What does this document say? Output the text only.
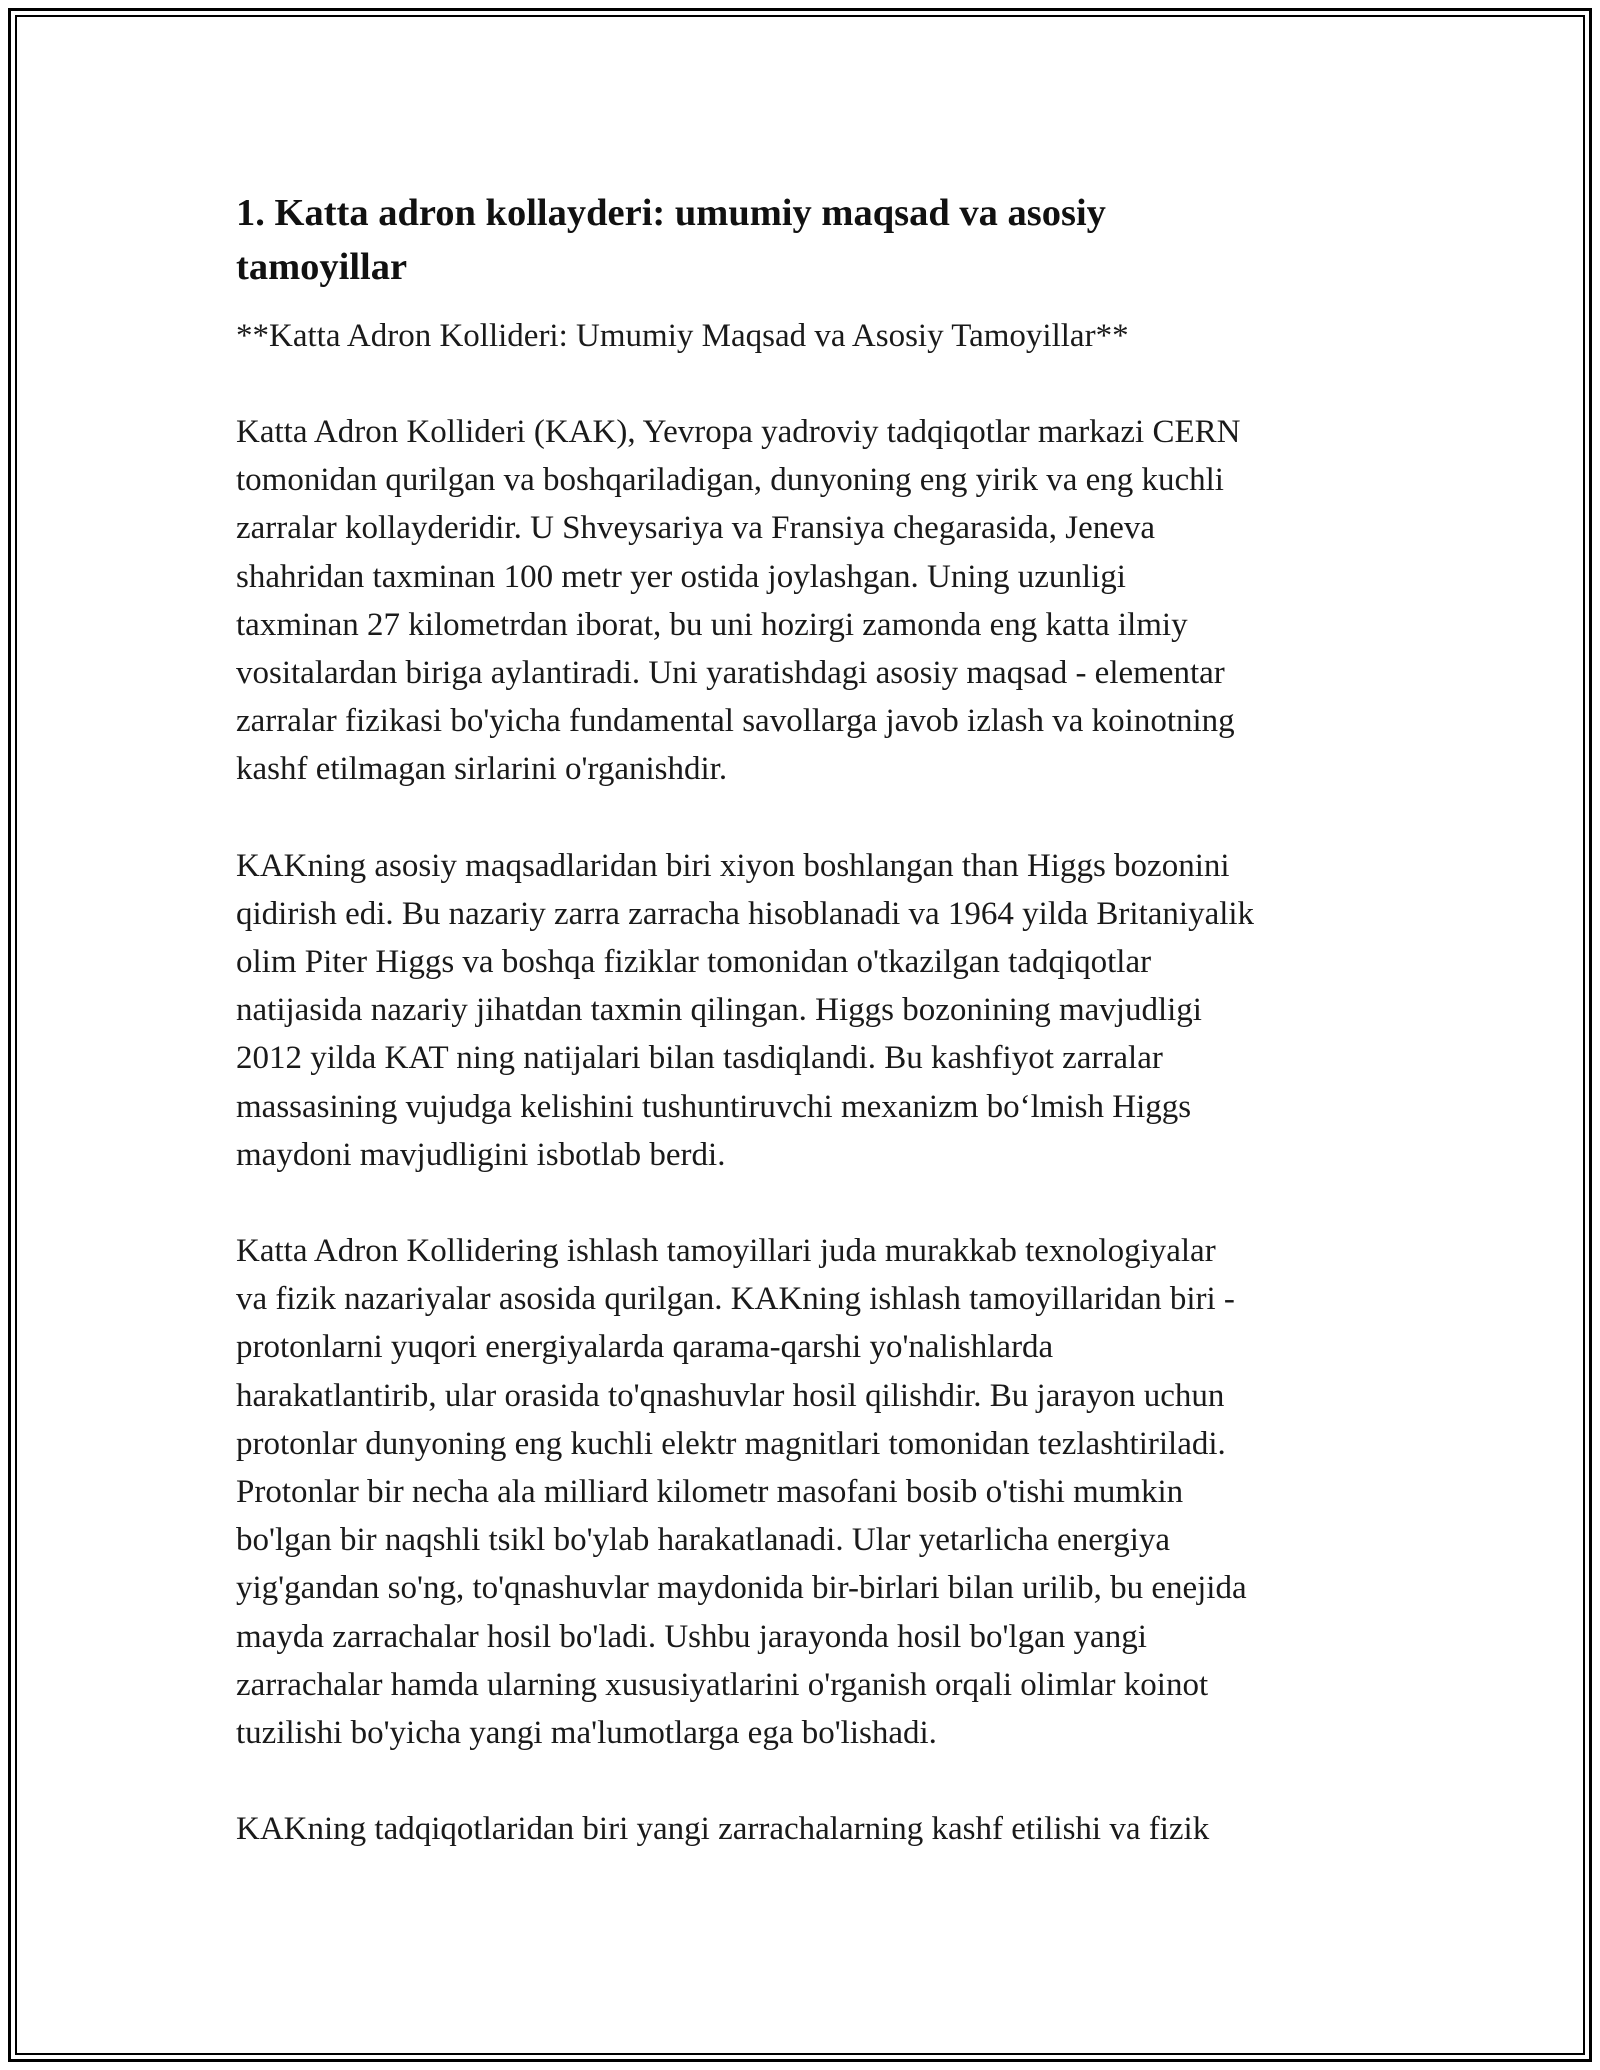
1. Katta adron kollayderi: umumiy maqsad va asosiy
tamoyillar
**Katta Adron Kollideri: Umumiy Maqsad va Asosiy Tamoyillar**
Katta Adron Kollideri (KAK), Yevropa yadroviy tadqiqotlar markazi CERN
tomonidan qurilgan va boshqariladigan, dunyoning eng yirik va eng kuchli
zarralar kollayderidir. U Shveysariya va Fransiya chegarasida, Jeneva
shahridan taxminan 100 metr yer ostida joylashgan. Uning uzunligi
taxminan 27 kilometrdan iborat, bu uni hozirgi zamonda eng katta ilmiy
vositalardan biriga aylantiradi. Uni yaratishdagi asosiy maqsad - elementar
zarralar fizikasi bo'yicha fundamental savollarga javob izlash va koinotning
kashf etilmagan sirlarini o'rganishdir.
KAKning asosiy maqsadlaridan biri xiyon boshlangan than Higgs bozonini
qidirish edi. Bu nazariy zarra zarracha hisoblanadi va 1964 yilda Britaniyalik
olim Piter Higgs va boshqa fiziklar tomonidan o'tkazilgan tadqiqotlar
natijasida nazariy jihatdan taxmin qilingan. Higgs bozonining mavjudligi
2012 yilda KAT ning natijalari bilan tasdiqlandi. Bu kashfiyot zarralar
massasining vujudga kelishini tushuntiruvchi mexanizm bo‘lmish Higgs
maydoni mavjudligini isbotlab berdi.
Katta Adron Kollidering ishlash tamoyillari juda murakkab texnologiyalar
va fizik nazariyalar asosida qurilgan. KAKning ishlash tamoyillaridan biri -
protonlarni yuqori energiyalarda qarama-qarshi yo'nalishlarda
harakatlantirib, ular orasida to'qnashuvlar hosil qilishdir. Bu jarayon uchun
protonlar dunyoning eng kuchli elektr magnitlari tomonidan tezlashtiriladi.
Protonlar bir necha ala milliard kilometr masofani bosib o'tishi mumkin
bo'lgan bir naqshli tsikl bo'ylab harakatlanadi. Ular yetarlicha energiya
yig'gandan so'ng, to'qnashuvlar maydonida bir-birlari bilan urilib, bu enejida
mayda zarrachalar hosil bo'ladi. Ushbu jarayonda hosil bo'lgan yangi
zarrachalar hamda ularning xususiyatlarini o'rganish orqali olimlar koinot
tuzilishi bo'yicha yangi ma'lumotlarga ega bo'lishadi.
KAKning tadqiqotlaridan biri yangi zarrachalarning kashf etilishi va fizik
